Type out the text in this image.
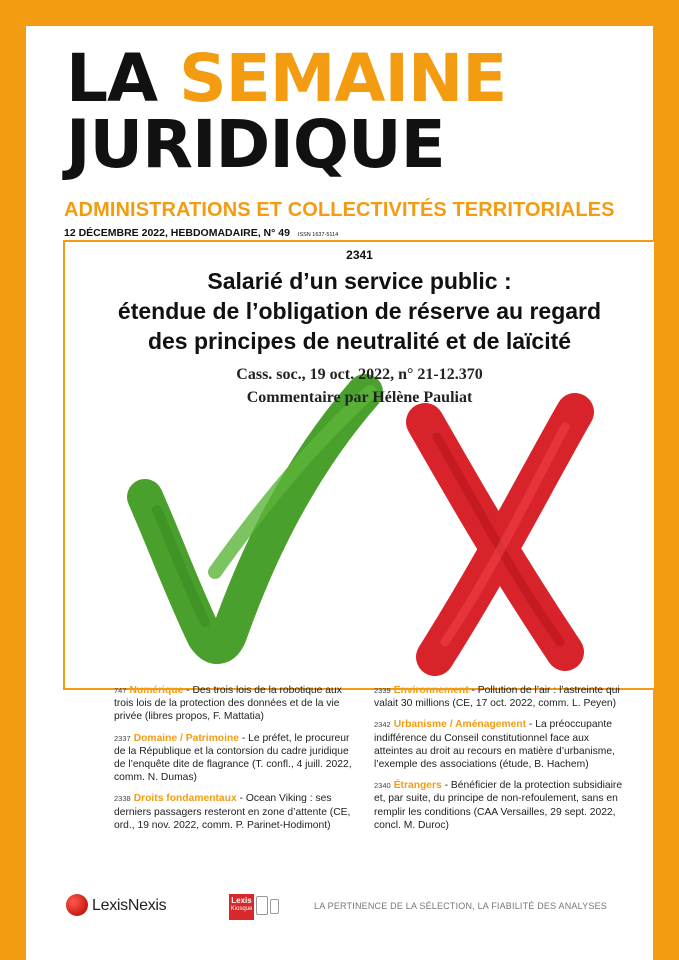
LA SEMAINE
JURIDIQUE
ADMINISTRATIONS ET COLLECTIVITÉS TERRITORIALES
12 DÉCEMBRE 2022, HEBDOMADAIRE, N° 49 ISSN 1637-5114
2341
Salarié d’un service public :
étendue de l’obligation de réserve au regard
des principes de neutralité et de laïcité
Cass. soc., 19 oct. 2022, n° 21-12.370
Commentaire par Hélène Pauliat
747 Numérique - Des trois lois de la robotique aux trois lois de la protection des données et de la vie privée (libres propos, F. Mattatia)
2337 Domaine / Patrimoine - Le préfet, le procureur de la République et la contorsion du cadre juridique de l’enquête dite de flagrance (T. confl., 4 juill. 2022, comm. N. Dumas)
2338 Droits fondamentaux - Ocean Viking : ses derniers passagers resteront en zone d’attente (CE, ord., 19 nov. 2022, comm. P. Parinet-Hodimont)
2339 Environnement - Pollution de l’air : l’astreinte qui valait 30 millions (CE, 17 oct. 2022, comm. L. Peyen)
2342 Urbanisme / Aménagement - La préoccupante indifférence du Conseil constitutionnel face aux atteintes au droit au recours en matière d’urbanisme, l’exemple des associations (étude, B. Hachem)
2340 Étrangers - Bénéficier de la protection subsidiaire et, par suite, du principe de non-refoulement, sans en remplir les conditions (CAA Versailles, 29 sept. 2022, concl. M. Duroc)
LexisNexis	Lexis
Kiosque	LA PERTINENCE DE LA SÉLECTION, LA FIABILITÉ DES ANALYSES
